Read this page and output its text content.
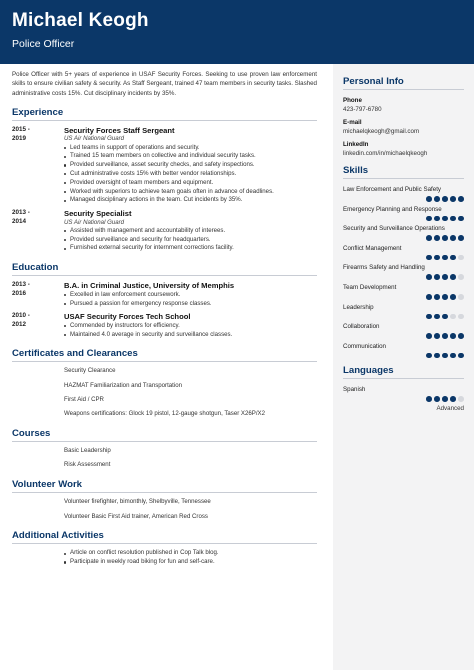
Michael Keogh
Police Officer

Police Officer with 5+ years of experience in USAF Security Forces. Seeking to use proven law enforcement skills to ensure civilian safety & security. As Staff Sergeant, trained 47 team members in security tasks. Slashed administrative costs 15%. Cut disciplinary incidents by 35%.

Experience
2015 -
2019
Security Forces Staff Sergeant
US Air National Guard
Led teams in support of operations and security.
Trained 15 team members on collective and individual security tasks.
Provided surveillance, asset security checks, and safety inspections.
Cut administrative costs 15% with better vendor relationships.
Provided oversight of team members and equipment.
Worked with superiors to achieve team goals often in advance of deadlines.
Managed disciplinary actions in the team. Cut incidents by 35%.
2013 -
2014
Security Specialist
US Air National Guard
Assisted with management and accountability of interees.
Provided surveillance and security for headquarters.
Furnished external security for internment corrections facility.
Education
2013 -
2016
B.A. in Criminal Justice, University of Memphis
Excelled in law enforcement coursework.
Pursued a passion for emergency response classes.
2010 -
2012
USAF Security Forces Tech School
Commended by instructors for efficiency.
Maintained 4.0 average in security and surveillance classes.
Certificates and Clearances
Security Clearance
HAZMAT Familiarization and Transportation
First Aid / CPR
Weapons certifications: Glock 19 pistol, 12-gauge shotgun, Taser X26P/X2
Courses
Basic Leadership
Risk Assessment
Volunteer Work
Volunteer firefighter, bimonthly, Shelbyville, Tennessee
Volunteer Basic First Aid trainer, American Red Cross
Additional Activities
Article on conflict resolution published in Cop Talk blog.
Participate in weekly road biking for fun and self-care.
Personal Info
Phone
423-797-6780
E-mail
michaelqkeogh@gmail.com
LinkedIn
linkedin.com/in/michaelqkeogh
Skills
Law Enforcement and Public Safety
Emergency Planning and Response
Security and Surveillance Operations
Conflict Management
Firearms Safety and Handling
Team Development
Leadership
Collaboration
Communication
Languages
Spanish
Advanced
